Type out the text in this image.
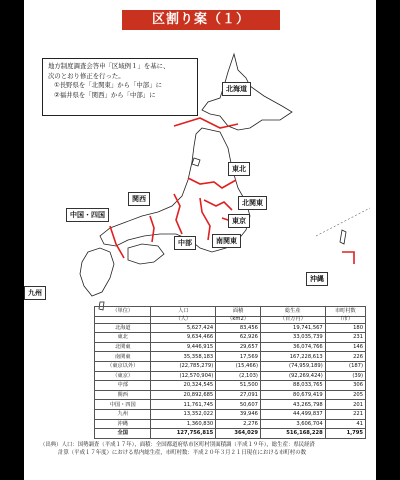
区割り案（１）
地方制度調査会答申「区域例１」を基に、
次のとおり修正を行った。
①長野県を「北関東」から「中部」に
②福井県を「関西」から「中部」に
北海道
東北
北関東
東京
南関東
中部
関西
中国・四国
九州
沖縄
（単位）	人口	面積	総生産	市町村数
	（人）	（km2）	（百万円）	（市）
北海道	5,627,424	83,456	19,741,567	180
東北	9,634,466	62,926	33,035,739	231
北関東	9,446,915	29,657	36,074,766	146
南関東	35,358,183	17,569	167,228,613	226
（東京以外）	(22,785,279)	(15,466)	(74,959,189)	(187)
（東京）	(12,570,904)	(2,103)	(92,269,424)	(39)
中部	20,324,545	51,500	88,033,765	306
関西	20,892,685	27,091	80,679,419	205
中国・四国	11,761,745	50,607	43,265,798	201
九州	13,352,022	39,946	44,499,837	221
沖縄	1,360,830	2,276	3,606,704	41
全国	127,756,815	364,029	516,168,228	1,795
（出典）人口：国勢調査（平成１７年），面積：全国都道府県市区町村別面積調（平成１９年），総生産：県民経済
計算（平成１７年度）における県内総生産，市町村数：平成２０年３月２１日現在における市町村の数
